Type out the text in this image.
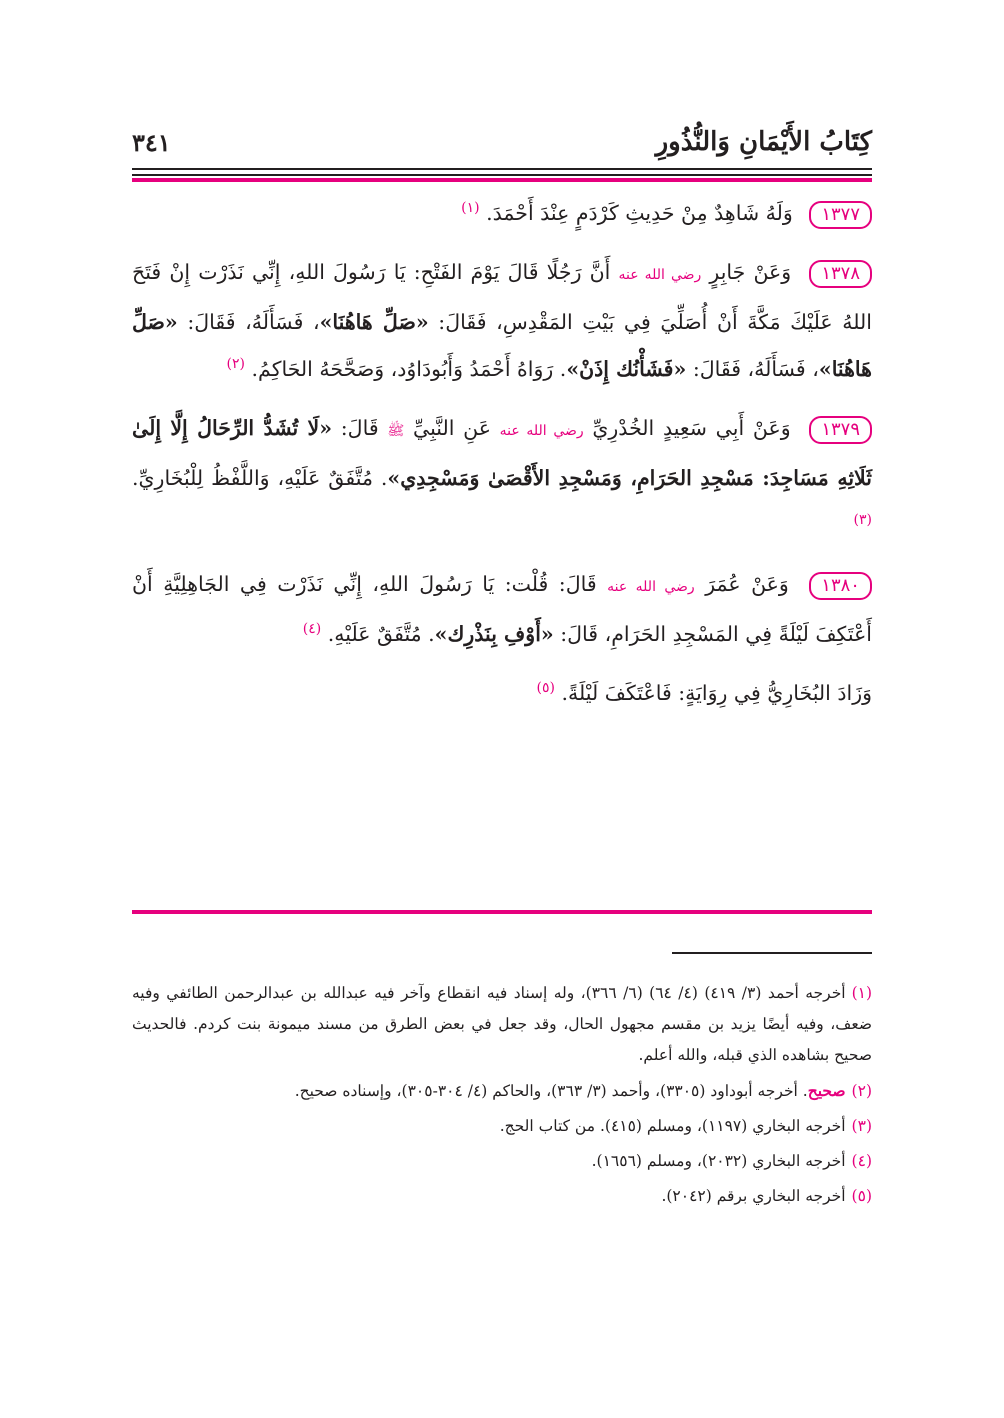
كِتَابُ الأَيْمَانِ وَالنُّذُورِ
٣٤١

١٣٧٧ وَلَهُ شَاهِدٌ مِنْ حَدِيثِ كَرْدَمٍ عِنْدَ أَحْمَدَ. $^{(١)}$

١٣٧٨ وَعَنْ جَابِرٍ رضي الله عنه أَنَّ رَجُلًا قَالَ يَوْمَ الفَتْحِ: يَا رَسُولَ اللهِ، إِنِّي نَذَرْت إِنْ فَتَحَ اللهُ عَلَيْكَ مَكَّةَ أَنْ أُصَلِّيَ فِي بَيْتِ المَقْدِسِ، فَقَالَ: «صَلِّ هَاهُنَا»، فَسَأَلَهُ، فَقَالَ: «صَلِّ هَاهُنَا»، فَسَأَلَهُ، فَقَالَ: «فَشَأْنُك إِذَنْ». رَوَاهُ أَحْمَدُ وَأَبُودَاوُد، وَصَحَّحَهُ الحَاكِمُ. $^{(٢)}$

١٣٧٩ وَعَنْ أَبِي سَعِيدٍ الخُدْرِيِّ رضي الله عنه عَنِ النَّبِيِّ ﷺ قَالَ: «لَا تُشَدُّ الرِّحَالُ إِلَّا إِلَىٰ ثَلَاثِهِ مَسَاجِدَ: مَسْجِدِ الحَرَامِ، وَمَسْجِدِ الأَقْصَىٰ وَمَسْجِدِي». مُتَّفَقٌ عَلَيْهِ، وَاللَّفْظُ لِلْبُخَارِيِّ. $^{(٣)}$

١٣٨٠ وَعَنْ عُمَرَ رضي الله عنه قَالَ: قُلْت: يَا رَسُولَ اللهِ، إِنِّي نَذَرْت فِي الجَاهِلِيَّةِ أَنْ أَعْتَكِفَ لَيْلَةً فِي المَسْجِدِ الحَرَامِ، قَالَ: «أَوْفِ بِنَذْرِك». مُتَّفَقٌ عَلَيْهِ. $^{(٤)}$

وَزَادَ البُخَارِيُّ فِي رِوَايَةٍ: فَاعْتَكَفَ لَيْلَةً. $^{(٥)}$

(١)أخرجه أحمد (٣/ ٤١٩) (٤/ ٦٤) (٦/ ٣٦٦)، وله إسناد فيه انقطاع وآخر فيه عبدالله بن عبدالرحمن الطائفي وفيه ضعف، وفيه أيضًا يزيد بن مقسم مجهول الحال، وقد جعل في بعض الطرق من مسند ميمونة بنت كردم. فالحديث صحيح بشاهده الذي قبله، والله أعلم.

(٢)صحيح. أخرجه أبوداود (٣٣٠٥)، وأحمد (٣/ ٣٦٣)، والحاكم (٤/ ٣٠٤-٣٠٥)، وإسناده صحيح.

(٣)أخرجه البخاري (١١٩٧)، ومسلم (٤١٥). من كتاب الحج.

(٤)أخرجه البخاري (٢٠٣٢)، ومسلم (١٦٥٦).

(٥)أخرجه البخاري برقم (٢٠٤٢).
